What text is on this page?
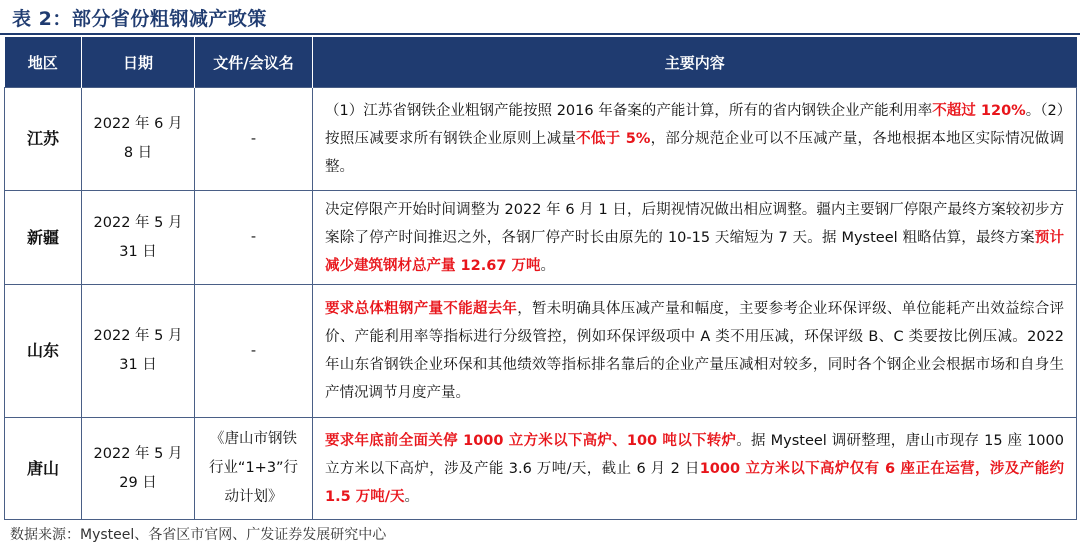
表 2：部分省份粗钢减产政策
地区	日期	文件/会议名	主要内容
江苏	2022 年 6 月 8 日	-	（1）江苏省钢铁企业粗钢产能按照 2016 年备案的产能计算，所有的省内钢铁企业产能利用率不超过 120%。（2）按照压减要求所有钢铁企业原则上减量不低于 5%，部分规范企业可以不压减产量，各地根据本地区实际情况做调整。
新疆	2022 年 5 月 31 日	-	决定停限产开始时间调整为 2022 年 6 月 1 日，后期视情况做出相应调整。疆内主要钢厂停限产最终方案较初步方案除了停产时间推迟之外，各钢厂停产时长由原先的 10-15 天缩短为 7 天。据 Mysteel 粗略估算，最终方案预计减少建筑钢材总产量 12.67 万吨。
山东	2022 年 5 月 31 日	-	要求总体粗钢产量不能超去年，暂未明确具体压减产量和幅度，主要参考企业环保评级、单位能耗产出效益综合评价、产能利用率等指标进行分级管控，例如环保评级项中 A 类不用压减，环保评级 B、C 类要按比例压减。2022 年山东省钢铁企业环保和其他绩效等指标排名靠后的企业产量压减相对较多，同时各个钢企业会根据市场和自身生产情况调节月度产量。
唐山	2022 年 5 月 29 日	《唐山市钢铁行业“1+3”行动计划》	要求年底前全面关停 1000 立方米以下高炉、100 吨以下转炉。据 Mysteel 调研整理，唐山市现存 15 座 1000 立方米以下高炉，涉及产能 3.6 万吨/天，截止 6 月 2 日1000 立方米以下高炉仅有 6 座正在运营，涉及产能约 1.5 万吨/天。
数据来源：Mysteel、各省区市官网、广发证券发展研究中心
